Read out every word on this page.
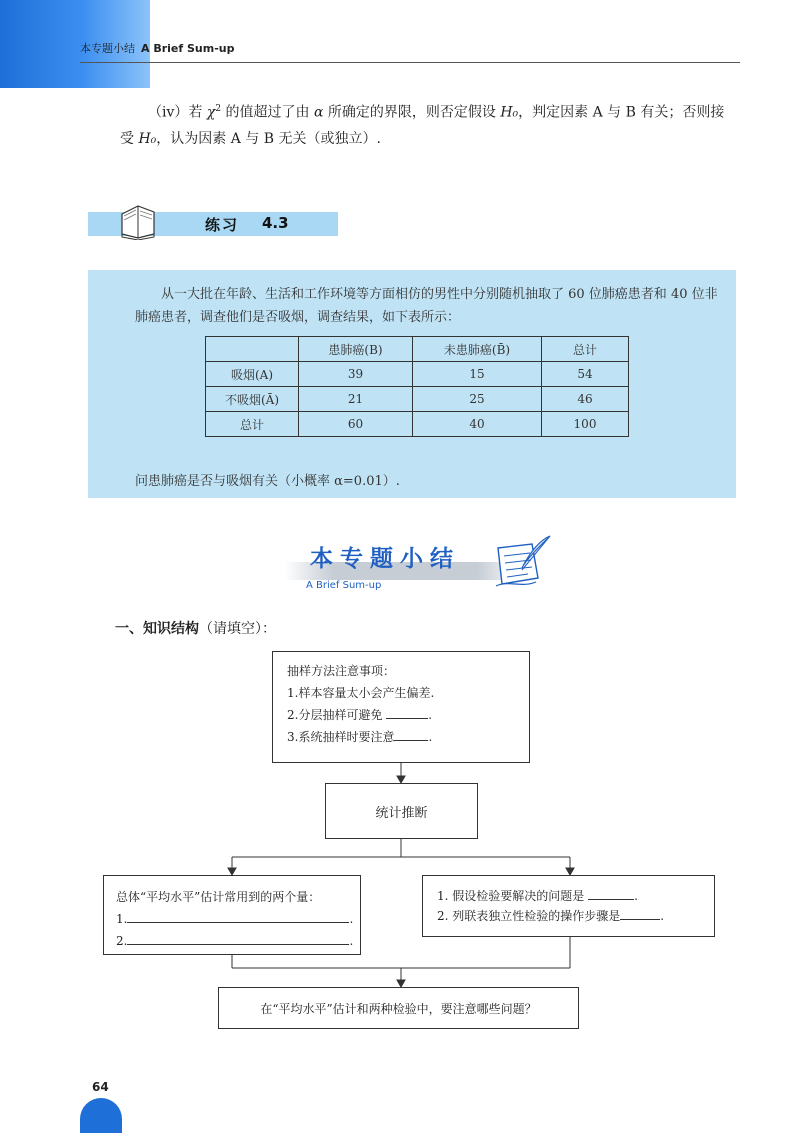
本专题小结 A Brief Sum-up
（ⅳ）若 $\chi^2$ 的值超过了由 α 所确定的界限，则否定假设 H₀，判定因素 A 与 B 有关；否则接受 H₀，认为因素 A 与 B 无关（或独立）.
练习 4.3
从一大批在年龄、生活和工作环境等方面相仿的男性中分别随机抽取了 60 位肺癌患者和 40 位非肺癌患者，调查他们是否吸烟，调查结果，如下表所示：
	患肺癌(B)	未患肺癌(B̄)	总计
吸烟(A)	39	15	54
不吸烟(Ā)	21	25	46
总计	60	40	100
问患肺癌是否与吸烟有关（小概率 α=0.01）.
本专题小结
A Brief Sum-up
一、知识结构（请填空）：
抽样方法注意事项：
1.样本容量太小会产生偏差.
2.分层抽样可避免	.
3.系统抽样时要注意	.
统计推断
总体“平均水平”估计常用到的两个量：
1.	.
2.	.
1. 假设检验要解决的问题是	.
2. 列联表独立性检验的操作步骤是	.
在“平均水平”估计和两种检验中，要注意哪些问题？
64
